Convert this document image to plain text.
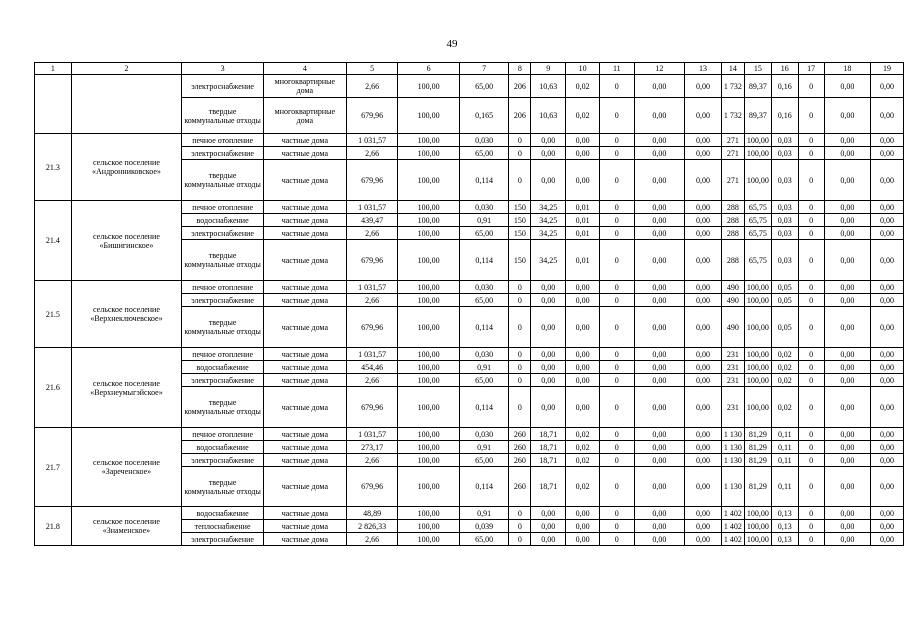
49
1	2	3	4	5	6	7	8	9	10	11	12	13	14	15	16	17	18	19
		электроснабжение	многоквартирные дома	2,66	100,00	65,00	206	10,63	0,02	0	0,00	0,00	1 732	89,37	0,16	0	0,00	0,00
		твердые коммунальные отходы	многоквартирные дома	679,96	100,00	0,165	206	10,63	0,02	0	0,00	0,00	1 732	89,37	0,16	0	0,00	0,00
21.3	сельское поселение «Андронниковское»	печное отопление	частные дома	1 031,57	100,00	0,030	0	0,00	0,00	0	0,00	0,00	271	100,00	0,03	0	0,00	0,00
		электроснабжение	частные дома	2,66	100,00	65,00	0	0,00	0,00	0	0,00	0,00	271	100,00	0,03	0	0,00	0,00
		твердые коммунальные отходы	частные дома	679,96	100,00	0,114	0	0,00	0,00	0	0,00	0,00	271	100,00	0,03	0	0,00	0,00
21.4	сельское поселение «Бишигинское»	печное отопление	частные дома	1 031,57	100,00	0,030	150	34,25	0,01	0	0,00	0,00	288	65,75	0,03	0	0,00	0,00
		водоснабжение	частные дома	439,47	100,00	0,91	150	34,25	0,01	0	0,00	0,00	288	65,75	0,03	0	0,00	0,00
		электроснабжение	частные дома	2,66	100,00	65,00	150	34,25	0,01	0	0,00	0,00	288	65,75	0,03	0	0,00	0,00
		твердые коммунальные отходы	частные дома	679,96	100,00	0,114	150	34,25	0,01	0	0,00	0,00	288	65,75	0,03	0	0,00	0,00
21.5	сельское поселение «Верхнеключевское»	печное отопление	частные дома	1 031,57	100,00	0,030	0	0,00	0,00	0	0,00	0,00	490	100,00	0,05	0	0,00	0,00
		электроснабжение	частные дома	2,66	100,00	65,00	0	0,00	0,00	0	0,00	0,00	490	100,00	0,05	0	0,00	0,00
		твердые коммунальные отходы	частные дома	679,96	100,00	0,114	0	0,00	0,00	0	0,00	0,00	490	100,00	0,05	0	0,00	0,00
21.6	сельское поселение «Верхнеумыгэйское»	печное отопление	частные дома	1 031,57	100,00	0,030	0	0,00	0,00	0	0,00	0,00	231	100,00	0,02	0	0,00	0,00
		водоснабжение	частные дома	454,46	100,00	0,91	0	0,00	0,00	0	0,00	0,00	231	100,00	0,02	0	0,00	0,00
		электроснабжение	частные дома	2,66	100,00	65,00	0	0,00	0,00	0	0,00	0,00	231	100,00	0,02	0	0,00	0,00
		твердые коммунальные отходы	частные дома	679,96	100,00	0,114	0	0,00	0,00	0	0,00	0,00	231	100,00	0,02	0	0,00	0,00
21.7	сельское поселение «Зареченское»	печное отопление	частные дома	1 031,57	100,00	0,030	260	18,71	0,02	0	0,00	0,00	1 130	81,29	0,11	0	0,00	0,00
		водоснабжение	частные дома	273,17	100,00	0,91	260	18,71	0,02	0	0,00	0,00	1 130	81,29	0,11	0	0,00	0,00
		электроснабжение	частные дома	2,66	100,00	65,00	260	18,71	0,02	0	0,00	0,00	1 130	81,29	0,11	0	0,00	0,00
		твердые коммунальные отходы	частные дома	679,96	100,00	0,114	260	18,71	0,02	0	0,00	0,00	1 130	81,29	0,11	0	0,00	0,00
21.8	сельское поселение «Знаменское»	водоснабжение	частные дома	48,89	100,00	0,91	0	0,00	0,00	0	0,00	0,00	1 402	100,00	0,13	0	0,00	0,00
		теплоснабжение	частные дома	2 826,33	100,00	0,039	0	0,00	0,00	0	0,00	0,00	1 402	100,00	0,13	0	0,00	0,00
		электроснабжение	частные дома	2,66	100,00	65,00	0	0,00	0,00	0	0,00	0,00	1 402	100,00	0,13	0	0,00	0,00
